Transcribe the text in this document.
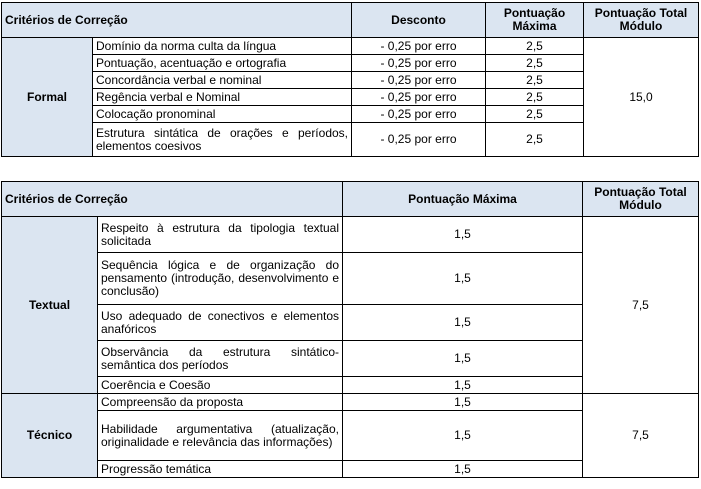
Critérios de Correção		Desconto	Pontuação Máxima	Pontuação Total Módulo
Formal	Domínio da norma culta da língua	- 0,25 por erro	2,5	15,0
	Pontuação, acentuação e ortografia	- 0,25 por erro	2,5	
	Concordância verbal e nominal	- 0,25 por erro	2,5	
	Regência verbal e Nominal	- 0,25 por erro	2,5	
	Colocação pronominal	- 0,25 por erro	2,5	
	Estrutura sintática de orações e períodos, elementos coesivos	- 0,25 por erro	2,5	
Critérios de Correção		Pontuação Máxima	Pontuação Total Módulo
Textual	Respeito à estrutura da tipologia textual solicitada	1,5	7,5
	Sequência lógica e de organização do pensamento (introdução, desenvolvimento e conclusão)	1,5	
	Uso adequado de conectivos e elementos anafóricos	1,5	
	Observância da estrutura sintático-semântica dos períodos	1,5	
	Coerência e Coesão	1,5	
Técnico	Compreensão da proposta	1,5	7,5
	Habilidade argumentativa (atualização, originalidade e relevância das informações)	1,5	
	Progressão temática	1,5	
